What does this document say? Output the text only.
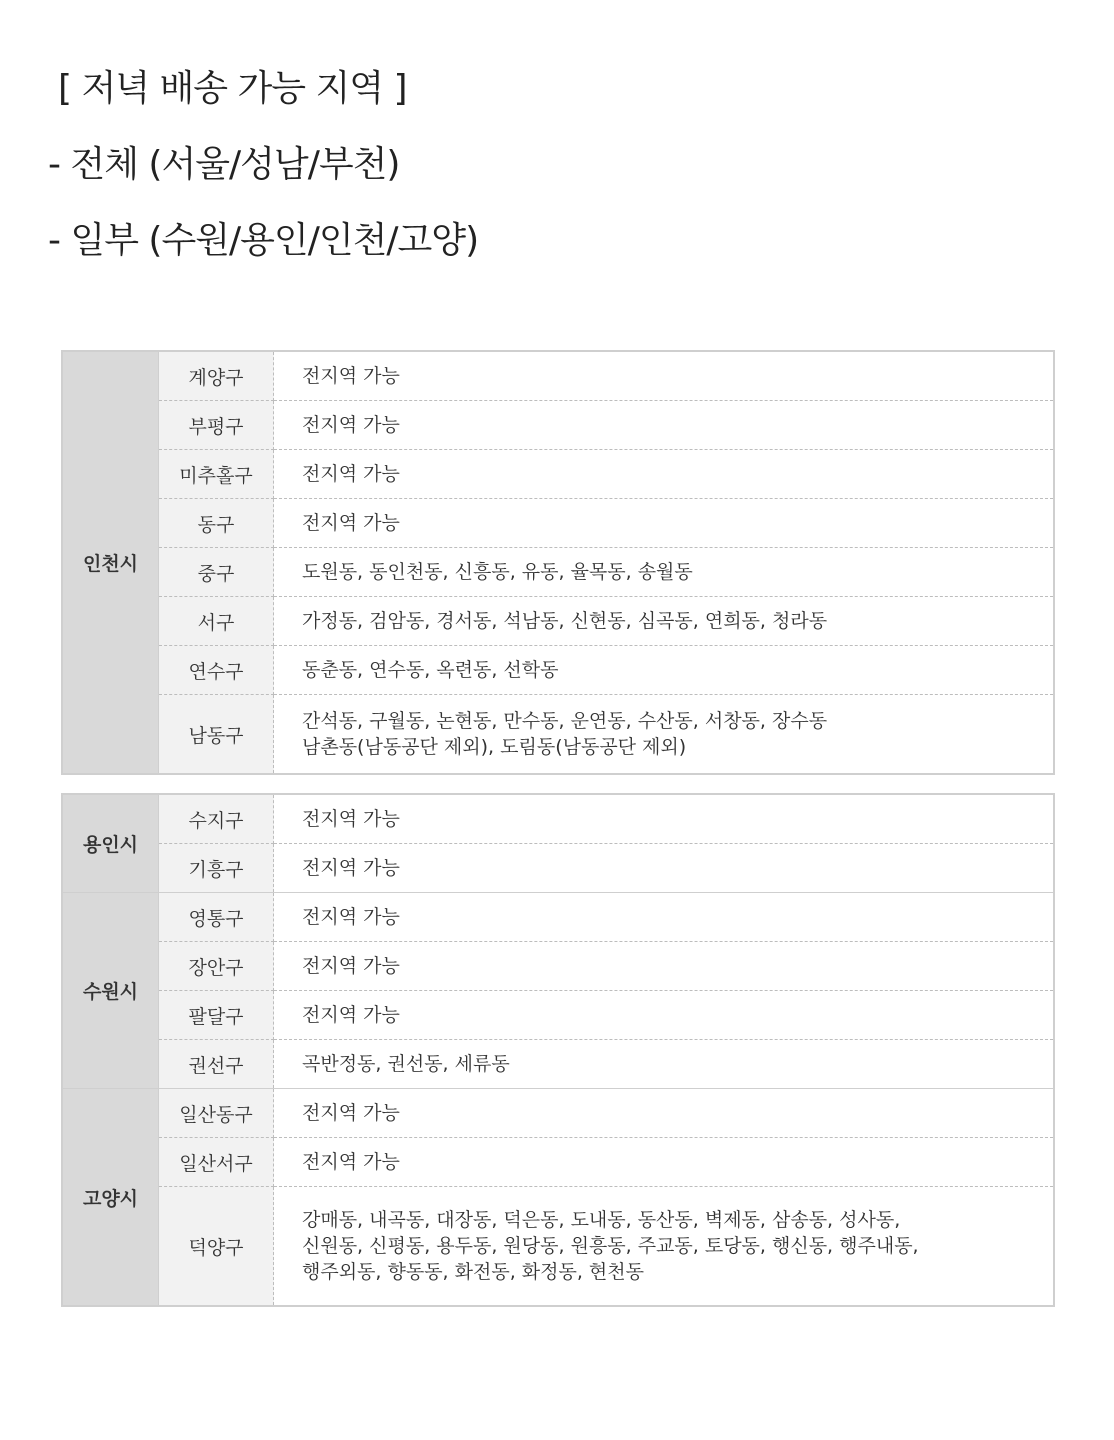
[ 저녁 배송 가능 지역 ]
- 전체 (서울/성남/부천)
- 일부 (수원/용인/인천/고양)
인천시	계양구	전지역 가능

	부평구	전지역 가능

	미추홀구	전지역 가능

	동구	전지역 가능

	중구	도원동, 동인천동, 신흥동, 유동, 율목동, 송월동

	서구	가정동, 검암동, 경서동, 석남동, 신현동, 심곡동, 연희동, 청라동

	연수구	동춘동, 연수동, 옥련동, 선학동

	남동구	간석동, 구월동, 논현동, 만수동, 운연동, 수산동, 서창동, 장수동
남촌동(남동공단 제외), 도림동(남동공단 제외)
용인시	수지구	전지역 가능

	기흥구	전지역 가능

수원시	영통구	전지역 가능

	장안구	전지역 가능

	팔달구	전지역 가능

	권선구	곡반정동, 권선동, 세류동

고양시	일산동구	전지역 가능

	일산서구	전지역 가능

	덕양구	강매동, 내곡동, 대장동, 덕은동, 도내동, 동산동, 벽제동, 삼송동, 성사동,
신원동, 신평동, 용두동, 원당동, 원흥동, 주교동, 토당동, 행신동, 행주내동,
행주외동, 향동동, 화전동, 화정동, 현천동
